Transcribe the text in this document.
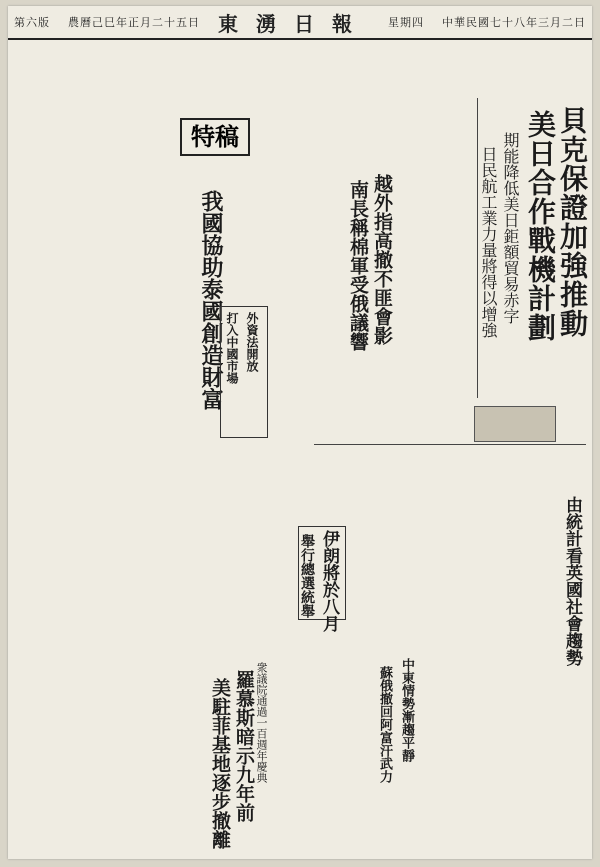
第六版 農曆己巳年正月二十五日 東湧日報 星期四 中華民國七十八年三月二日
貝克保證加強推動
美日合作戰機計劃
期能降低美日鉅額貿易赤字
日民航工業力量將得以增強
越外指高撤不匪會影
南長稱棉軍受俄議響
特稿
我國協助泰國創造財富 外資法開放
打入中國市場
由統計看英國社會趨勢
伊朗將於八月
舉行總選統舉
中東情勢漸趨平靜
蘇俄撤回阿富汗武力
羅慕斯暗示九年前
美駐菲基地逐步撤離 衆議院通過一百週年慶典
